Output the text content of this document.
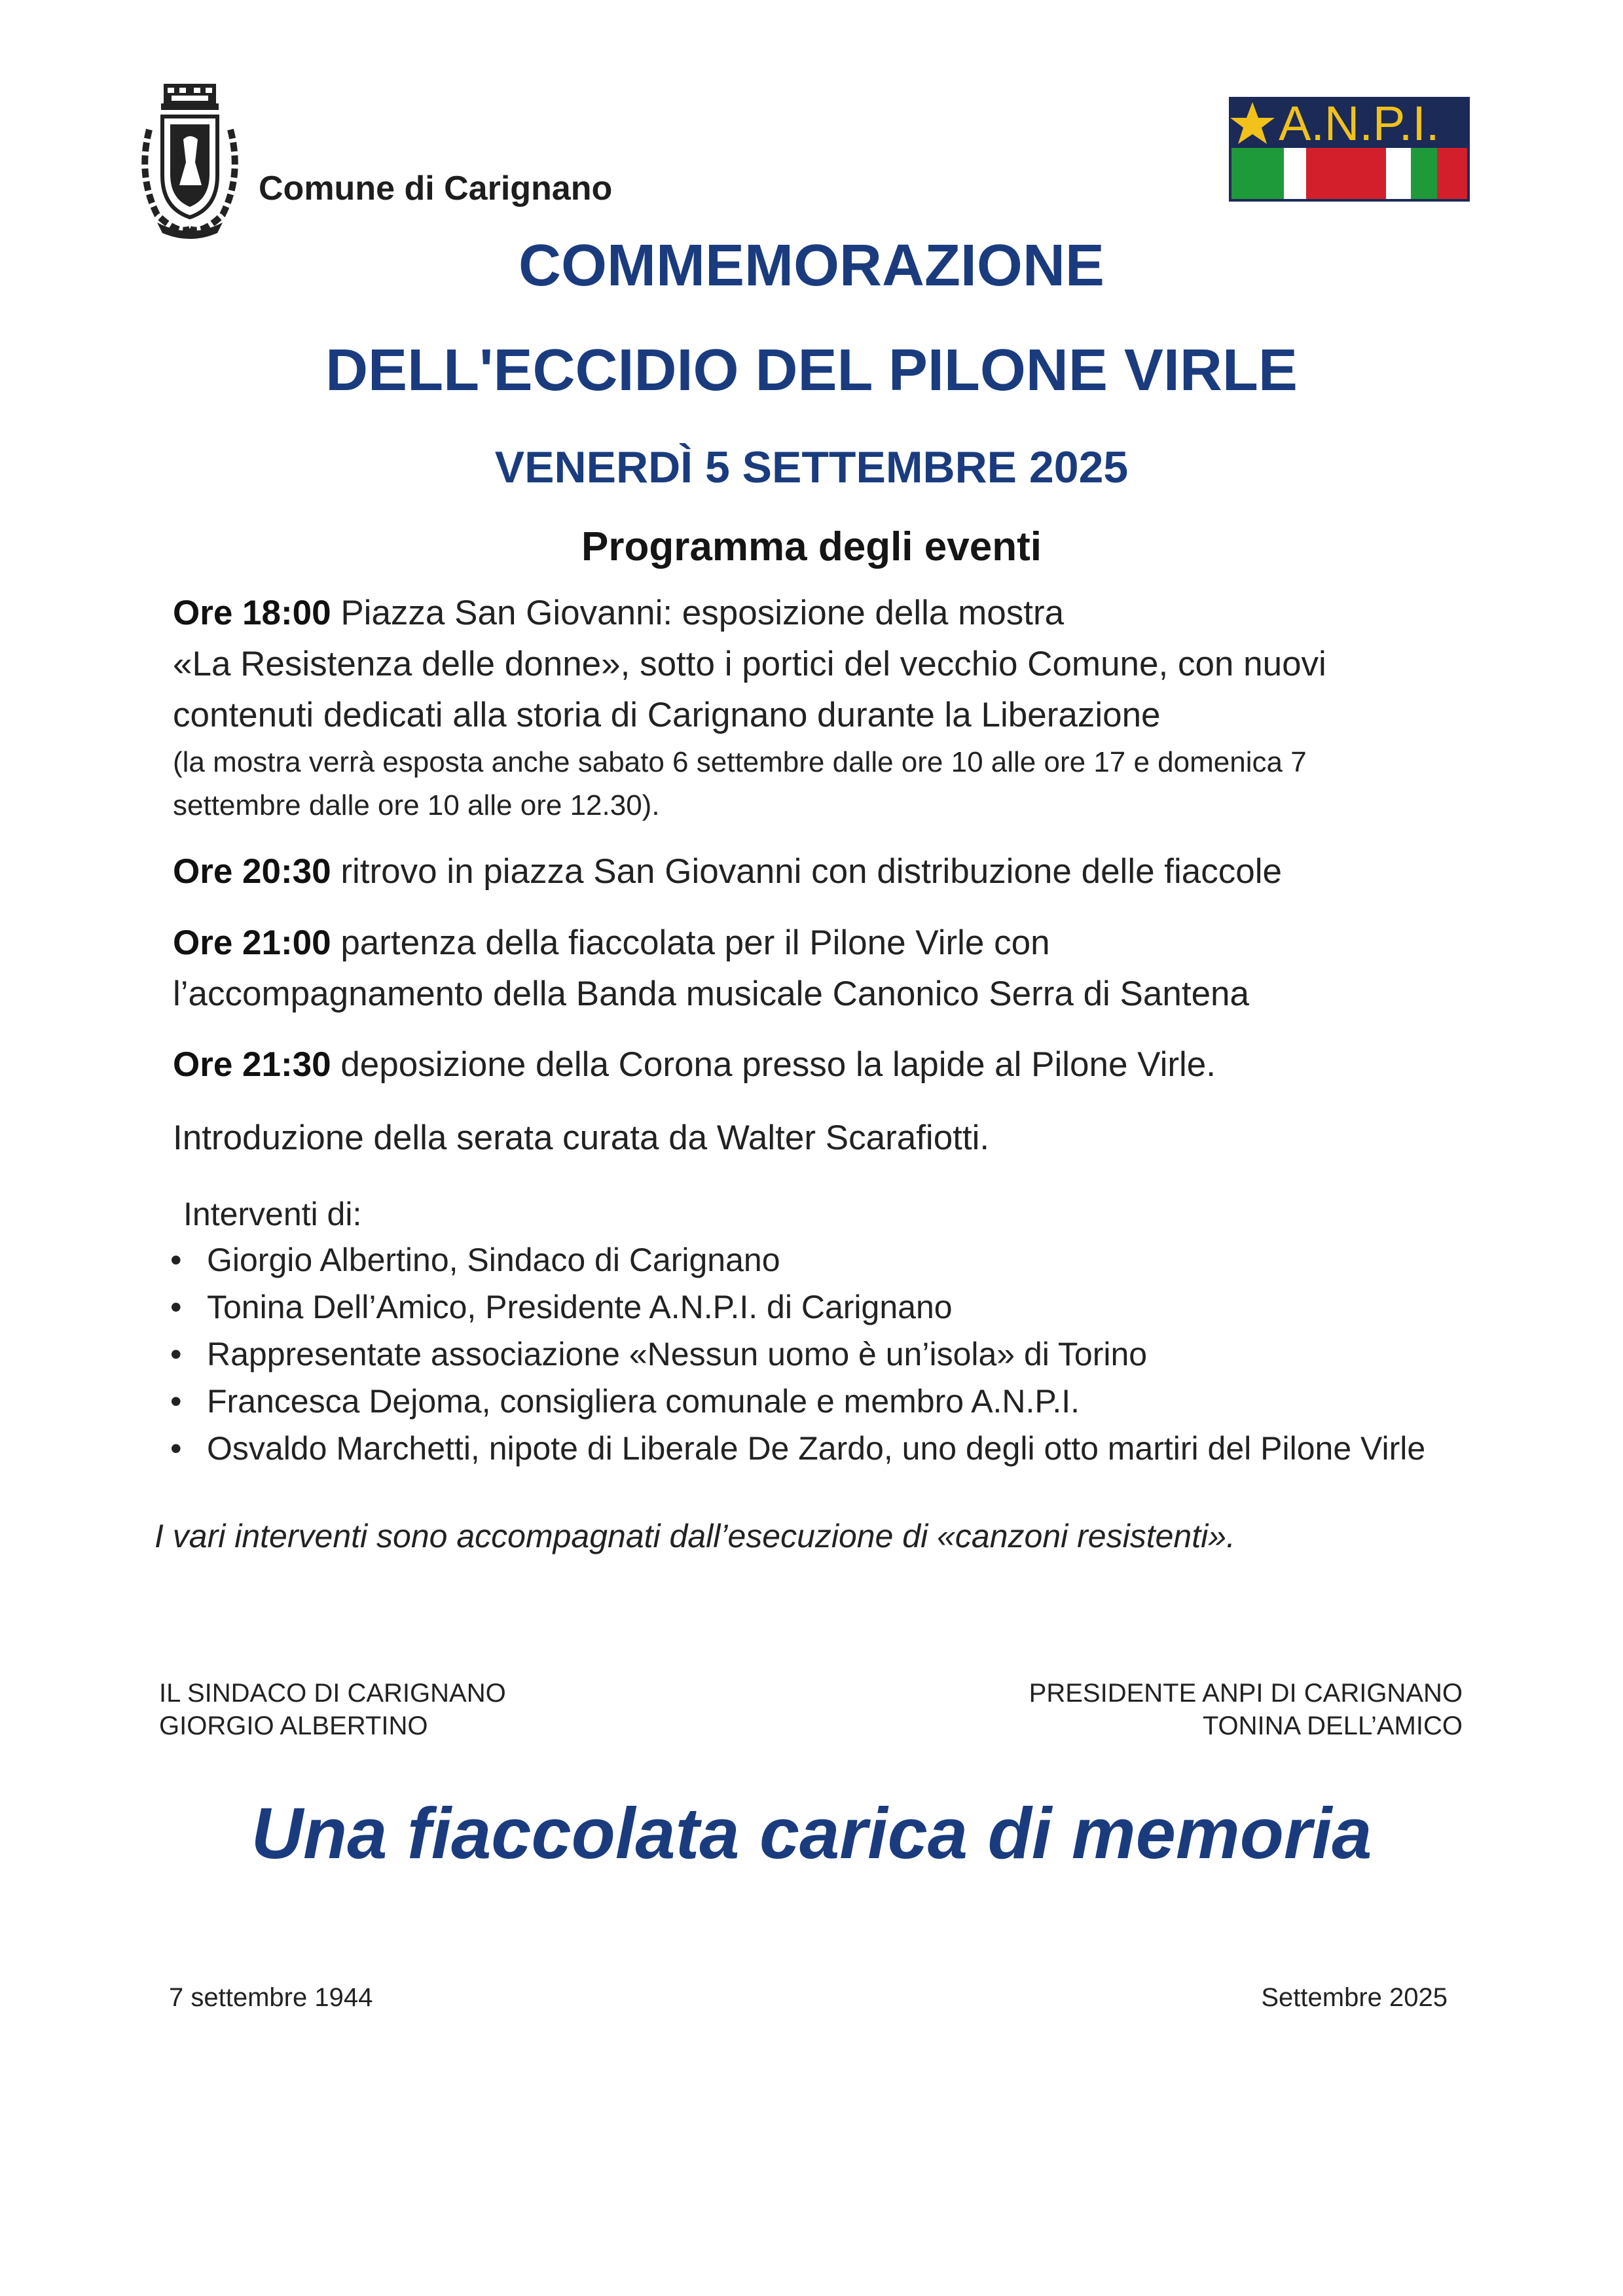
Comune di Carignano
A.N.P.I.
COMMEMORAZIONE
DELL'ECCIDIO DEL PILONE VIRLE
VENERDÌ 5 SETTEMBRE 2025
Programma degli eventi
Ore 18:00 Piazza San Giovanni: esposizione della mostra
«La Resistenza delle donne», sotto i portici del vecchio Comune, con nuovi
contenuti dedicati alla storia di Carignano durante la Liberazione
(la mostra verrà esposta anche sabato 6 settembre dalle ore 10 alle ore 17 e domenica 7
settembre dalle ore 10 alle ore 12.30).
Ore 20:30 ritrovo in piazza San Giovanni con distribuzione delle fiaccole
Ore 21:00 partenza della fiaccolata per il Pilone Virle con
l’accompagnamento della Banda musicale Canonico Serra di Santena
Ore 21:30 deposizione della Corona presso la lapide al Pilone Virle.
Introduzione della serata curata da Walter Scarafiotti.
Interventi di:
• Giorgio Albertino, Sindaco di Carignano
• Tonina Dell’Amico, Presidente A.N.P.I. di Carignano
• Rappresentate associazione «Nessun uomo è un’isola» di Torino
• Francesca Dejoma, consigliera comunale e membro A.N.P.I.
• Osvaldo Marchetti, nipote di Liberale De Zardo, uno degli otto martiri del Pilone Virle
I vari interventi sono accompagnati dall’esecuzione di «canzoni resistenti».
IL SINDACO DI CARIGNANO
GIORGIO ALBERTINO
PRESIDENTE ANPI DI CARIGNANO
TONINA DELL’AMICO
Una fiaccolata carica di memoria
7 settembre 1944	Settembre 2025
